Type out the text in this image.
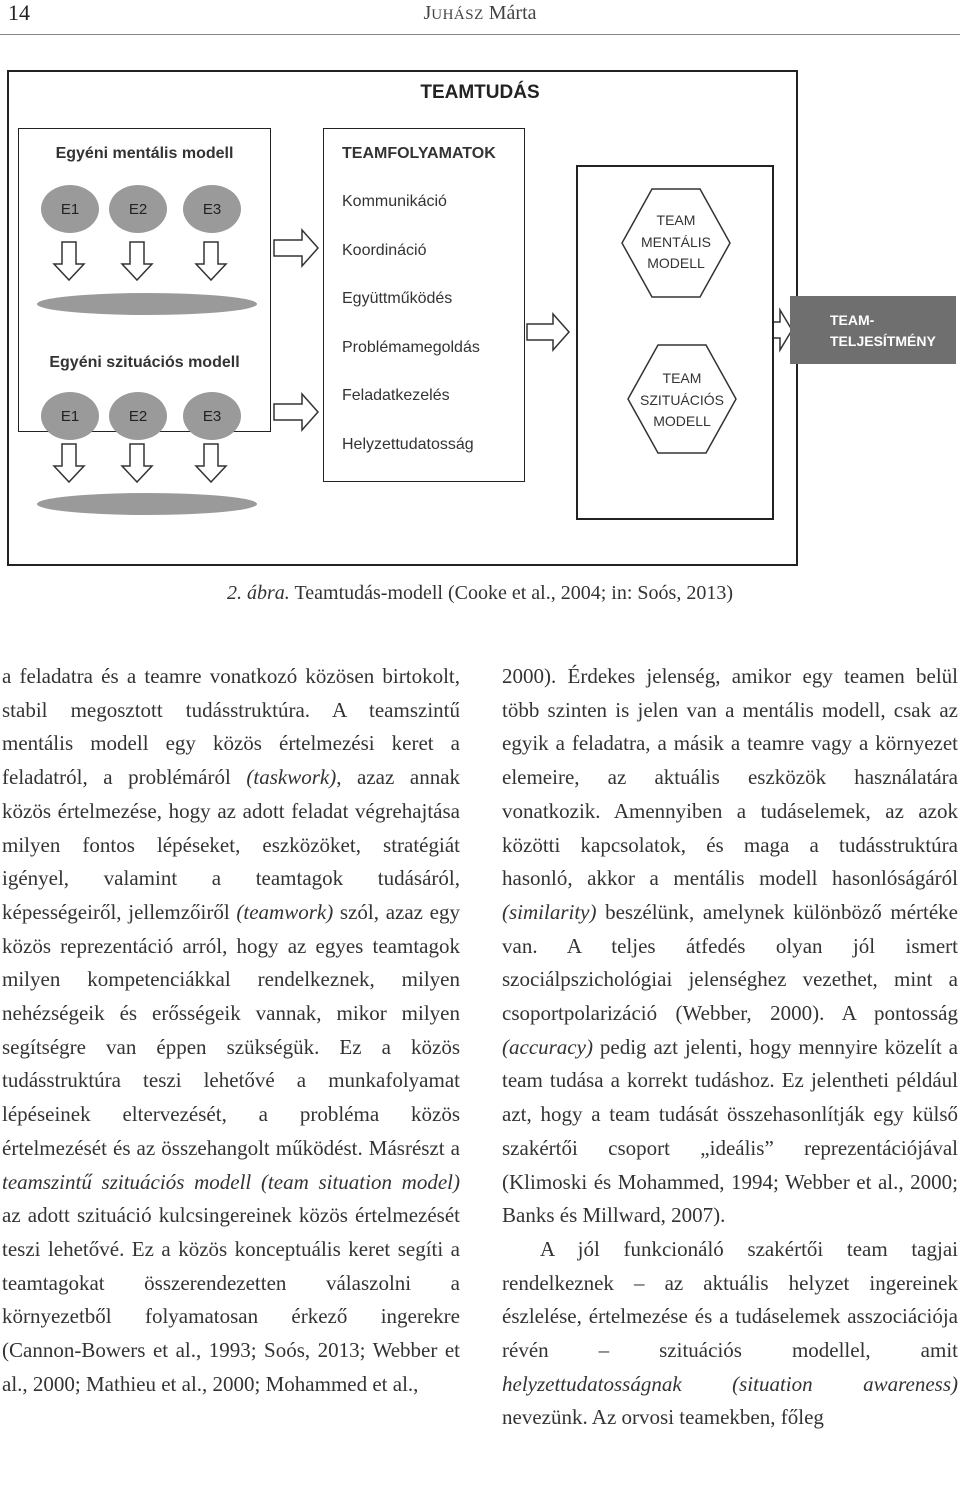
14	JUHÁSZ Márta
TEAMTUDÁS
Egyéni mentális modell
E1	E2	E3
Egyéni szituációs modell
E1	E2	E3
TEAMFOLYAMATOK
Kommunikáció
Koordináció
Együttműködés
Problémamegoldás
Feladatkezelés
Helyzettudatosság
TEAM
MENTÁLIS
MODELL
TEAM
SZITUÁCIÓS
MODELL
TEAM-
TELJESÍTMÉNY
2. ábra. Teamtudás-modell (Cooke et al., 2004; in: Soós, 2013)

a feladatra és a teamre vonatkozó közösen birtokolt, stabil megosztott tudásstruktúra. A teamszintű mentális modell egy közös értelmezési keret a feladatról, a problémáról (taskwork), azaz annak közös értelmezése, hogy az adott feladat végrehajtása milyen fontos lépéseket, eszközöket, stratégiát igényel, valamint a teamtagok tudásáról, képességeiről, jellemzőiről (teamwork) szól, azaz egy közös reprezentáció arról, hogy az egyes teamtagok milyen kompetenciákkal rendelkeznek, milyen nehézségeik és erősségeik vannak, mikor milyen segítségre van éppen szükségük. Ez a közös tudásstruktúra teszi lehetővé a munkafolyamat lépéseinek eltervezését, a probléma közös értelmezését és az összehangolt működést. Másrészt a teamszintű szituációs modell (team situation model) az adott szituáció kulcsingereinek közös értelmezését teszi lehetővé. Ez a közös konceptuális keret segíti a teamtagokat összerendezetten válaszolni a környezetből folyamatosan érkező ingerekre (Cannon-Bowers et al., 1993; Soós, 2013; Webber et al., 2000; Mathieu et al., 2000; Mohammed et al.,

2000). Érdekes jelenség, amikor egy teamen belül több szinten is jelen van a mentális modell, csak az egyik a feladatra, a másik a teamre vagy a környezet elemeire, az aktuális eszközök használatára vonatkozik. Amennyiben a tudáselemek, az azok közötti kapcsolatok, és maga a tudásstruktúra hasonló, akkor a mentális modell hasonlóságáról (similarity) beszélünk, amelynek különböző mértéke van. A teljes átfedés olyan jól ismert szociálpszichológiai jelenséghez vezethet, mint a csoportpolarizáció (Webber, 2000). A pontosság (accuracy) pedig azt jelenti, hogy mennyire közelít a team tudása a korrekt tudáshoz. Ez jelentheti például azt, hogy a team tudását összehasonlítják egy külső szakértői csoport „ideális” reprezentációjával (Klimoski és Mohammed, 1994; Webber et al., 2000; Banks és Millward, 2007).

A jól funkcionáló szakértői team tagjai rendelkeznek – az aktuális helyzet ingereinek észlelése, értelmezése és a tudáselemek asszociációja révén – szituációs modellel, amit helyzettudatosságnak (situation awareness) nevezünk. Az orvosi teamekben, főleg
